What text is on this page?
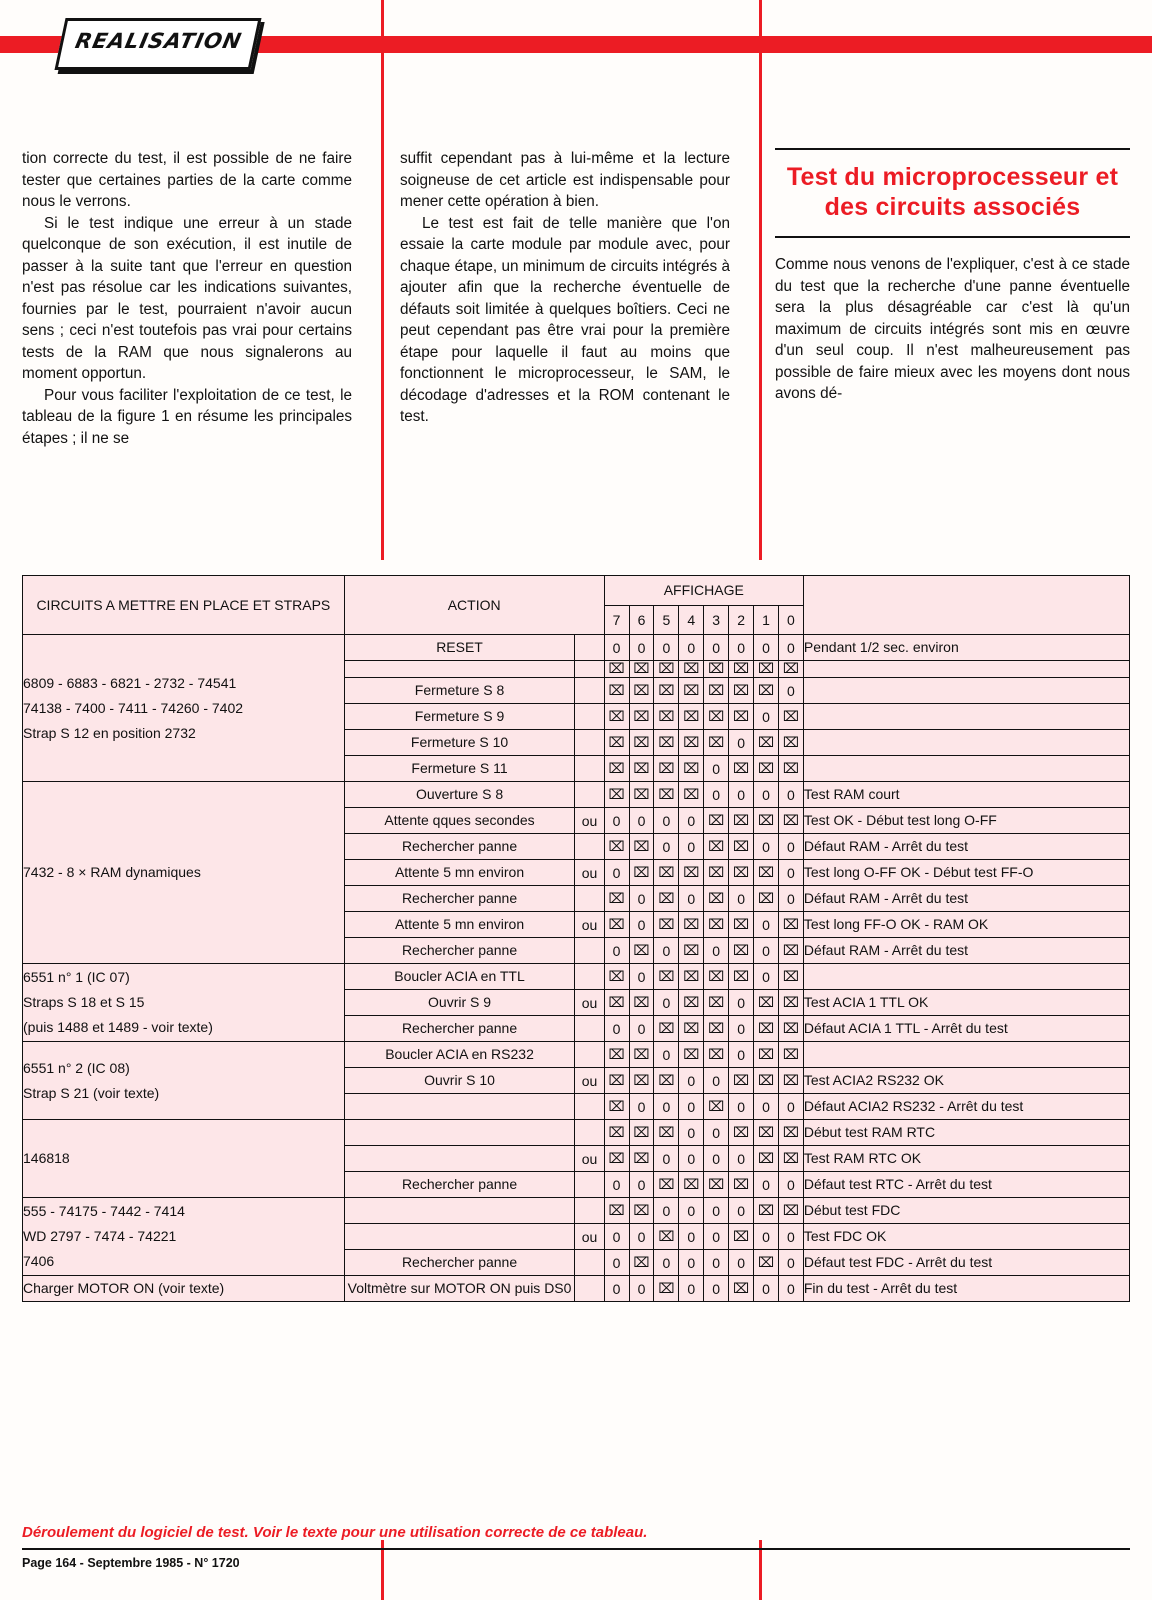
REALISATION

tion correcte du test, il est possible de ne faire tester que certaines parties de la carte comme nous le verrons.

Si le test indique une erreur à un stade quelconque de son exécution, il est inutile de passer à la suite tant que l'erreur en question n'est pas résolue car les indications suivantes, fournies par le test, pourraient n'avoir aucun sens ; ceci n'est toutefois pas vrai pour certains tests de la RAM que nous signalerons au moment opportun.

Pour vous faciliter l'exploitation de ce test, le tableau de la figure 1 en résume les principales étapes ; il ne se

suffit cependant pas à lui-même et la lecture soigneuse de cet article est indispensable pour mener cette opération à bien.

Le test est fait de telle manière que l'on essaie la carte module par module avec, pour chaque étape, un minimum de circuits intégrés à ajouter afin que la recherche éventuelle de défauts soit limitée à quelques boîtiers. Ceci ne peut cependant pas être vrai pour la première étape pour laquelle il faut au moins que fonctionnent le microprocesseur, le SAM, le décodage d'adresses et la ROM contenant le test.

Test du microprocesseur et des circuits associés
Comme nous venons de l'expliquer, c'est à ce stade du test que la recherche d'une panne éventuelle sera la plus désagréable car c'est là qu'un maximum de circuits intégrés sont mis en œuvre d'un seul coup. Il n'est malheureusement pas possible de faire mieux avec les moyens dont nous avons dé-
CIRCUITS A METTRE EN PLACE ET STRAPS	ACTION		AFFICHAGE								
			7	6	5	4	3	2	1	0	

6809 - 6883 - 6821 - 2732 - 74541
74138 - 7400 - 7411 - 74260 - 7402
Strap S 12 en position 2732	RESET		0	0	0	0	0	0	0	0	Pendant 1/2 sec. environ
			⌧	⌧	⌧	⌧	⌧	⌧	⌧	⌧	
	Fermeture S 8		⌧	⌧	⌧	⌧	⌧	⌧	⌧	0	
	Fermeture S 9		⌧	⌧	⌧	⌧	⌧	⌧	0	⌧	
	Fermeture S 10		⌧	⌧	⌧	⌧	⌧	0	⌧	⌧	
	Fermeture S 11		⌧	⌧	⌧	⌧	0	⌧	⌧	⌧	

7432 - 8 × RAM dynamiques	Ouverture S 8		⌧	⌧	⌧	⌧	0	0	0	0	Test RAM court
	Attente qques secondes	ou	0	0	0	0	⌧	⌧	⌧	⌧	Test OK - Début test long O-FF
	Rechercher panne		⌧	⌧	0	0	⌧	⌧	0	0	Défaut RAM - Arrêt du test
	Attente 5 mn environ	ou	0	⌧	⌧	⌧	⌧	⌧	⌧	0	Test long O-FF OK - Début test FF-O
	Rechercher panne		⌧	0	⌧	0	⌧	0	⌧	0	Défaut RAM - Arrêt du test
	Attente 5 mn environ	ou	⌧	0	⌧	⌧	⌧	⌧	0	⌧	Test long FF-O OK - RAM OK
	Rechercher panne		0	⌧	0	⌧	0	⌧	0	⌧	Défaut RAM - Arrêt du test

6551 n° 1 (IC 07)
Straps S 18 et S 15
(puis 1488 et 1489 - voir texte)	Boucler ACIA en TTL		⌧	0	⌧	⌧	⌧	⌧	0	⌧	
	Ouvrir S 9	ou	⌧	⌧	0	⌧	⌧	0	⌧	⌧	Test ACIA 1 TTL OK
	Rechercher panne		0	0	⌧	⌧	⌧	0	⌧	⌧	Défaut ACIA 1 TTL - Arrêt du test

6551 n° 2 (IC 08)
Strap S 21 (voir texte)	Boucler ACIA en RS232		⌧	⌧	0	⌧	⌧	0	⌧	⌧	
	Ouvrir S 10	ou	⌧	⌧	⌧	0	0	⌧	⌧	⌧	Test ACIA2 RS232 OK
			⌧	0	0	0	⌧	0	0	0	Défaut ACIA2 RS232 - Arrêt du test

146818			⌧	⌧	⌧	0	0	⌧	⌧	⌧	Début test RAM RTC
		ou	⌧	⌧	0	0	0	0	⌧	⌧	Test RAM RTC OK
	Rechercher panne		0	0	⌧	⌧	⌧	⌧	0	0	Défaut test RTC - Arrêt du test

555 - 74175 - 7442 - 7414
WD 2797 - 7474 - 74221
7406			⌧	⌧	0	0	0	0	⌧	⌧	Début test FDC
		ou	0	0	⌧	0	0	⌧	0	0	Test FDC OK
	Rechercher panne		0	⌧	0	0	0	0	⌧	0	Défaut test FDC - Arrêt du test

Charger MOTOR ON (voir texte)	Voltmètre sur MOTOR ON puis DS0		0	0	⌧	0	0	⌧	0	0	Fin du test - Arrêt du test
Déroulement du logiciel de test. Voir le texte pour une utilisation correcte de ce tableau.
Page 164 - Septembre 1985 - N° 1720
